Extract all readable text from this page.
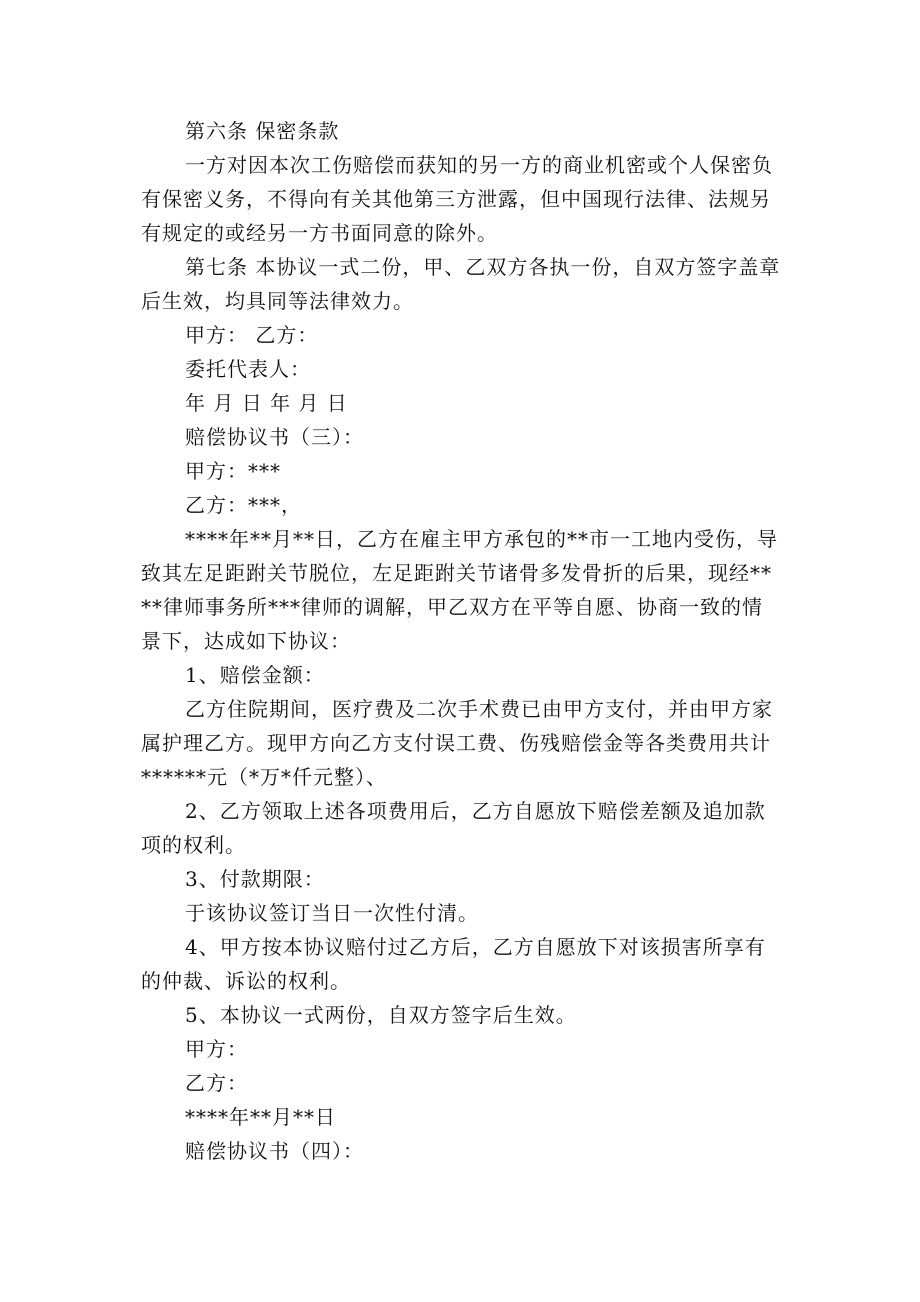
第六条 保密条款

一方对因本次工伤赔偿而获知的另一方的商业机密或个人保密负有保密义务，不得向有关其他第三方泄露，但中国现行法律、法规另有规定的或经另一方书面同意的除外。

第七条 本协议一式二份，甲、乙双方各执一份，自双方签字盖章后生效，均具同等法律效力。

甲方： 乙方：

委托代表人：

年 月 日 年 月 日

赔偿协议书（三）：

甲方：***

乙方：***，

****年**月**日，乙方在雇主甲方承包的**市一工地内受伤，导致其左足距跗关节脱位，左足距跗关节诸骨多发骨折的后果，现经****律师事务所***律师的调解，甲乙双方在平等自愿、协商一致的情景下，达成如下协议：

1、赔偿金额：

乙方住院期间，医疗费及二次手术费已由甲方支付，并由甲方家属护理乙方。现甲方向乙方支付误工费、伤残赔偿金等各类费用共计******元（*万*仟元整）、

2、乙方领取上述各项费用后，乙方自愿放下赔偿差额及追加款项的权利。

3、付款期限：

于该协议签订当日一次性付清。

4、甲方按本协议赔付过乙方后，乙方自愿放下对该损害所享有的仲裁、诉讼的权利。

5、本协议一式两份，自双方签字后生效。

甲方：

乙方：

****年**月**日

赔偿协议书（四）：
